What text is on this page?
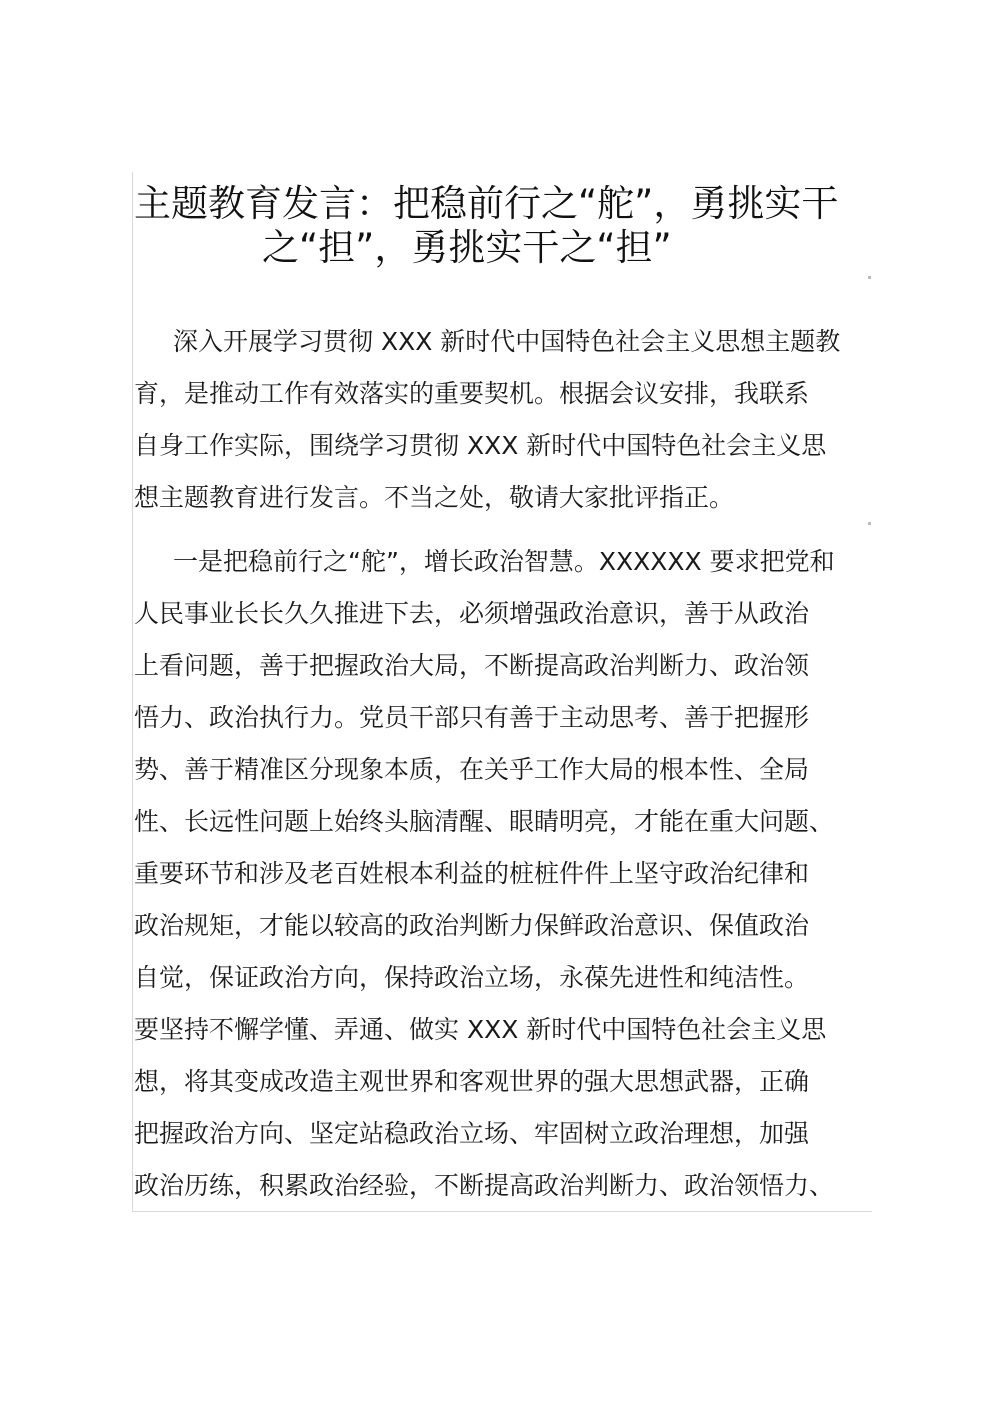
主题教育发言：把稳前行之“舵”，勇挑实干
之“担”，勇挑实干之“担”

深入开展学习贯彻 XXX 新时代中国特色社会主义思想主题教

育，是推动工作有效落实的重要契机。根据会议安排，我联系

自身工作实际，围绕学习贯彻 XXX 新时代中国特色社会主义思

想主题教育进行发言。不当之处，敬请大家批评指正。

一是把稳前行之“舵”，增长政治智慧。XXXXXX 要求把党和

人民事业长长久久推进下去，必须增强政治意识，善于从政治

上看问题，善于把握政治大局，不断提高政治判断力、政治领

悟力、政治执行力。党员干部只有善于主动思考、善于把握形

势、善于精准区分现象本质，在关乎工作大局的根本性、全局

性、长远性问题上始终头脑清醒、眼睛明亮，才能在重大问题、

重要环节和涉及老百姓根本利益的桩桩件件上坚守政治纪律和

政治规矩，才能以较高的政治判断力保鲜政治意识、保值政治

自觉，保证政治方向，保持政治立场，永葆先进性和纯洁性。

要坚持不懈学懂、弄通、做实 XXX 新时代中国特色社会主义思

想，将其变成改造主观世界和客观世界的强大思想武器，正确

把握政治方向、坚定站稳政治立场、牢固树立政治理想，加强

政治历练，积累政治经验，不断提高政治判断力、政治领悟力、
